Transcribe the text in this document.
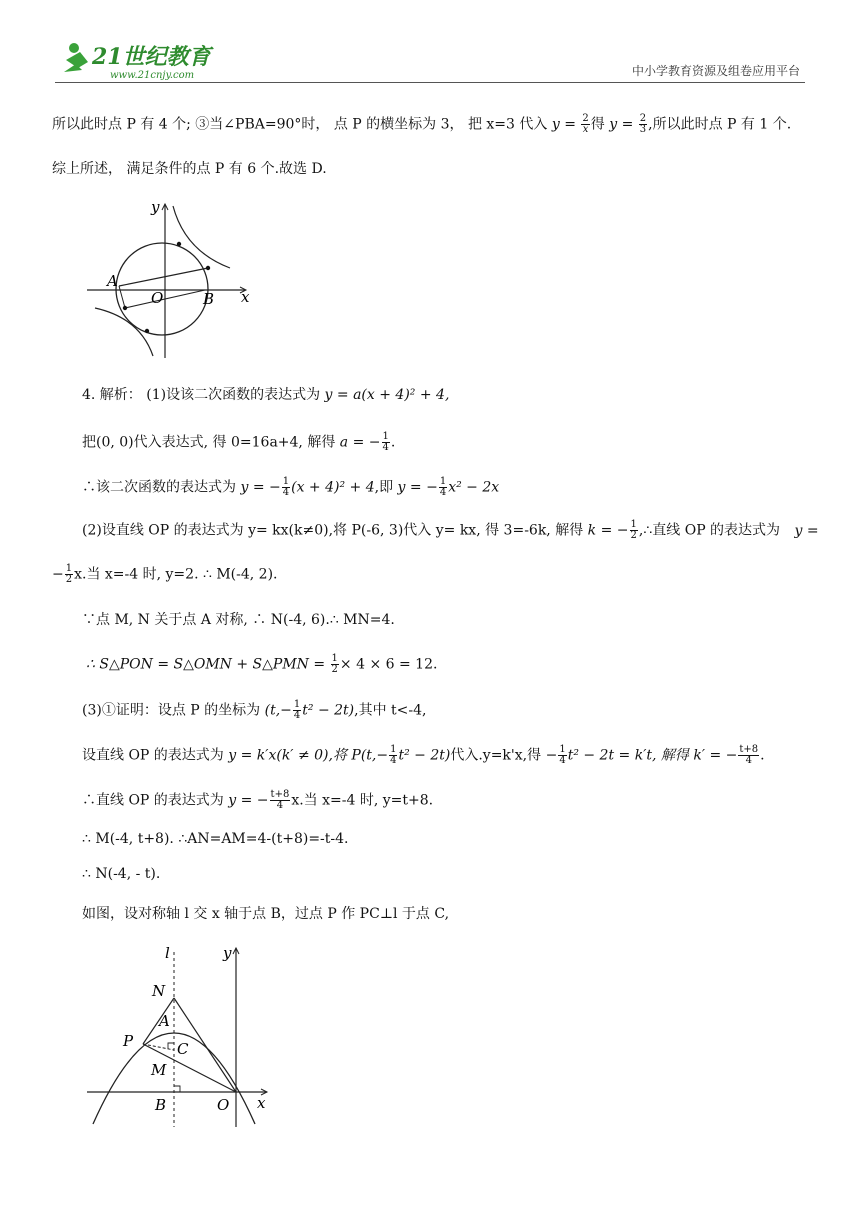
21世纪教育
www.21cnjy.com	中小学教育资源及组卷应用平台
所以此时点 P 有 4 个; ③当∠PBA=90°时， 点 P 的横坐标为 3， 把 x=3 代入 $y = \frac{2}{x}$ 得 $y = \frac{2}{3}$ ,所以此时点 P 有 1 个.
综上所述， 满足条件的点 P 有 6 个.故选 D.
y
x
A
O	B
4. 解析： (1)设该二次函数的表达式为 y = a(x + 4)² + 4,
把(0, 0)代入表达式, 得 0=16a+4, 解得 a = − $\frac{1}{4}$ .
∴该二次函数的表达式为 y = − $\frac{1}{4} (x + 4)^2 + 4$,即 y = − $\frac{1}{4} x^2 - 2x$
(2)设直线 OP 的表达式为 y= kx(k≠0),将 P(-6, 3)代入 y= kx, 得 3=-6k, 解得 k = − $\frac{1}{2}$ ,∴直线 OP 的表达式为 y =
− $\frac{1}{2} x$.当 x=-4 时, y=2. ∴ M(-4, 2).
∵点 M, N 关于点 A 对称, ∴ N(-4, 6).∴ MN=4.
∴ S△PON = S△OMN + S△PMN = $\frac{1}{2} \times 4 \times 6 = 12$.
(3)①证明：设点 P 的坐标为 $(t,- \frac{1}{4} t^2 - 2t)$,其中 t<-4,
设直线 OP 的表达式为 y = k′x(k′ ≠ 0),将 $P(t,- \frac{1}{4} t^2 - 2t)$代入.y=k'x,得 − $\frac{1}{4} t^2 - 2t = k't$, 解得 k′ = − $\frac{t+8}{4}$ .
∴直线 OP 的表达式为 y = − $\frac{t+8}{4} x$.当 x=-4 时, y=t+8.
∴ M(-4, t+8). ∴AN=AM=4-(t+8)=-t-4.
∴ N(-4, - t).
如图，设对称轴 l 交 x 轴于点 B，过点 P 作 PC⊥l 于点 C,
l	y
N
A
P	C
M
B	O x
